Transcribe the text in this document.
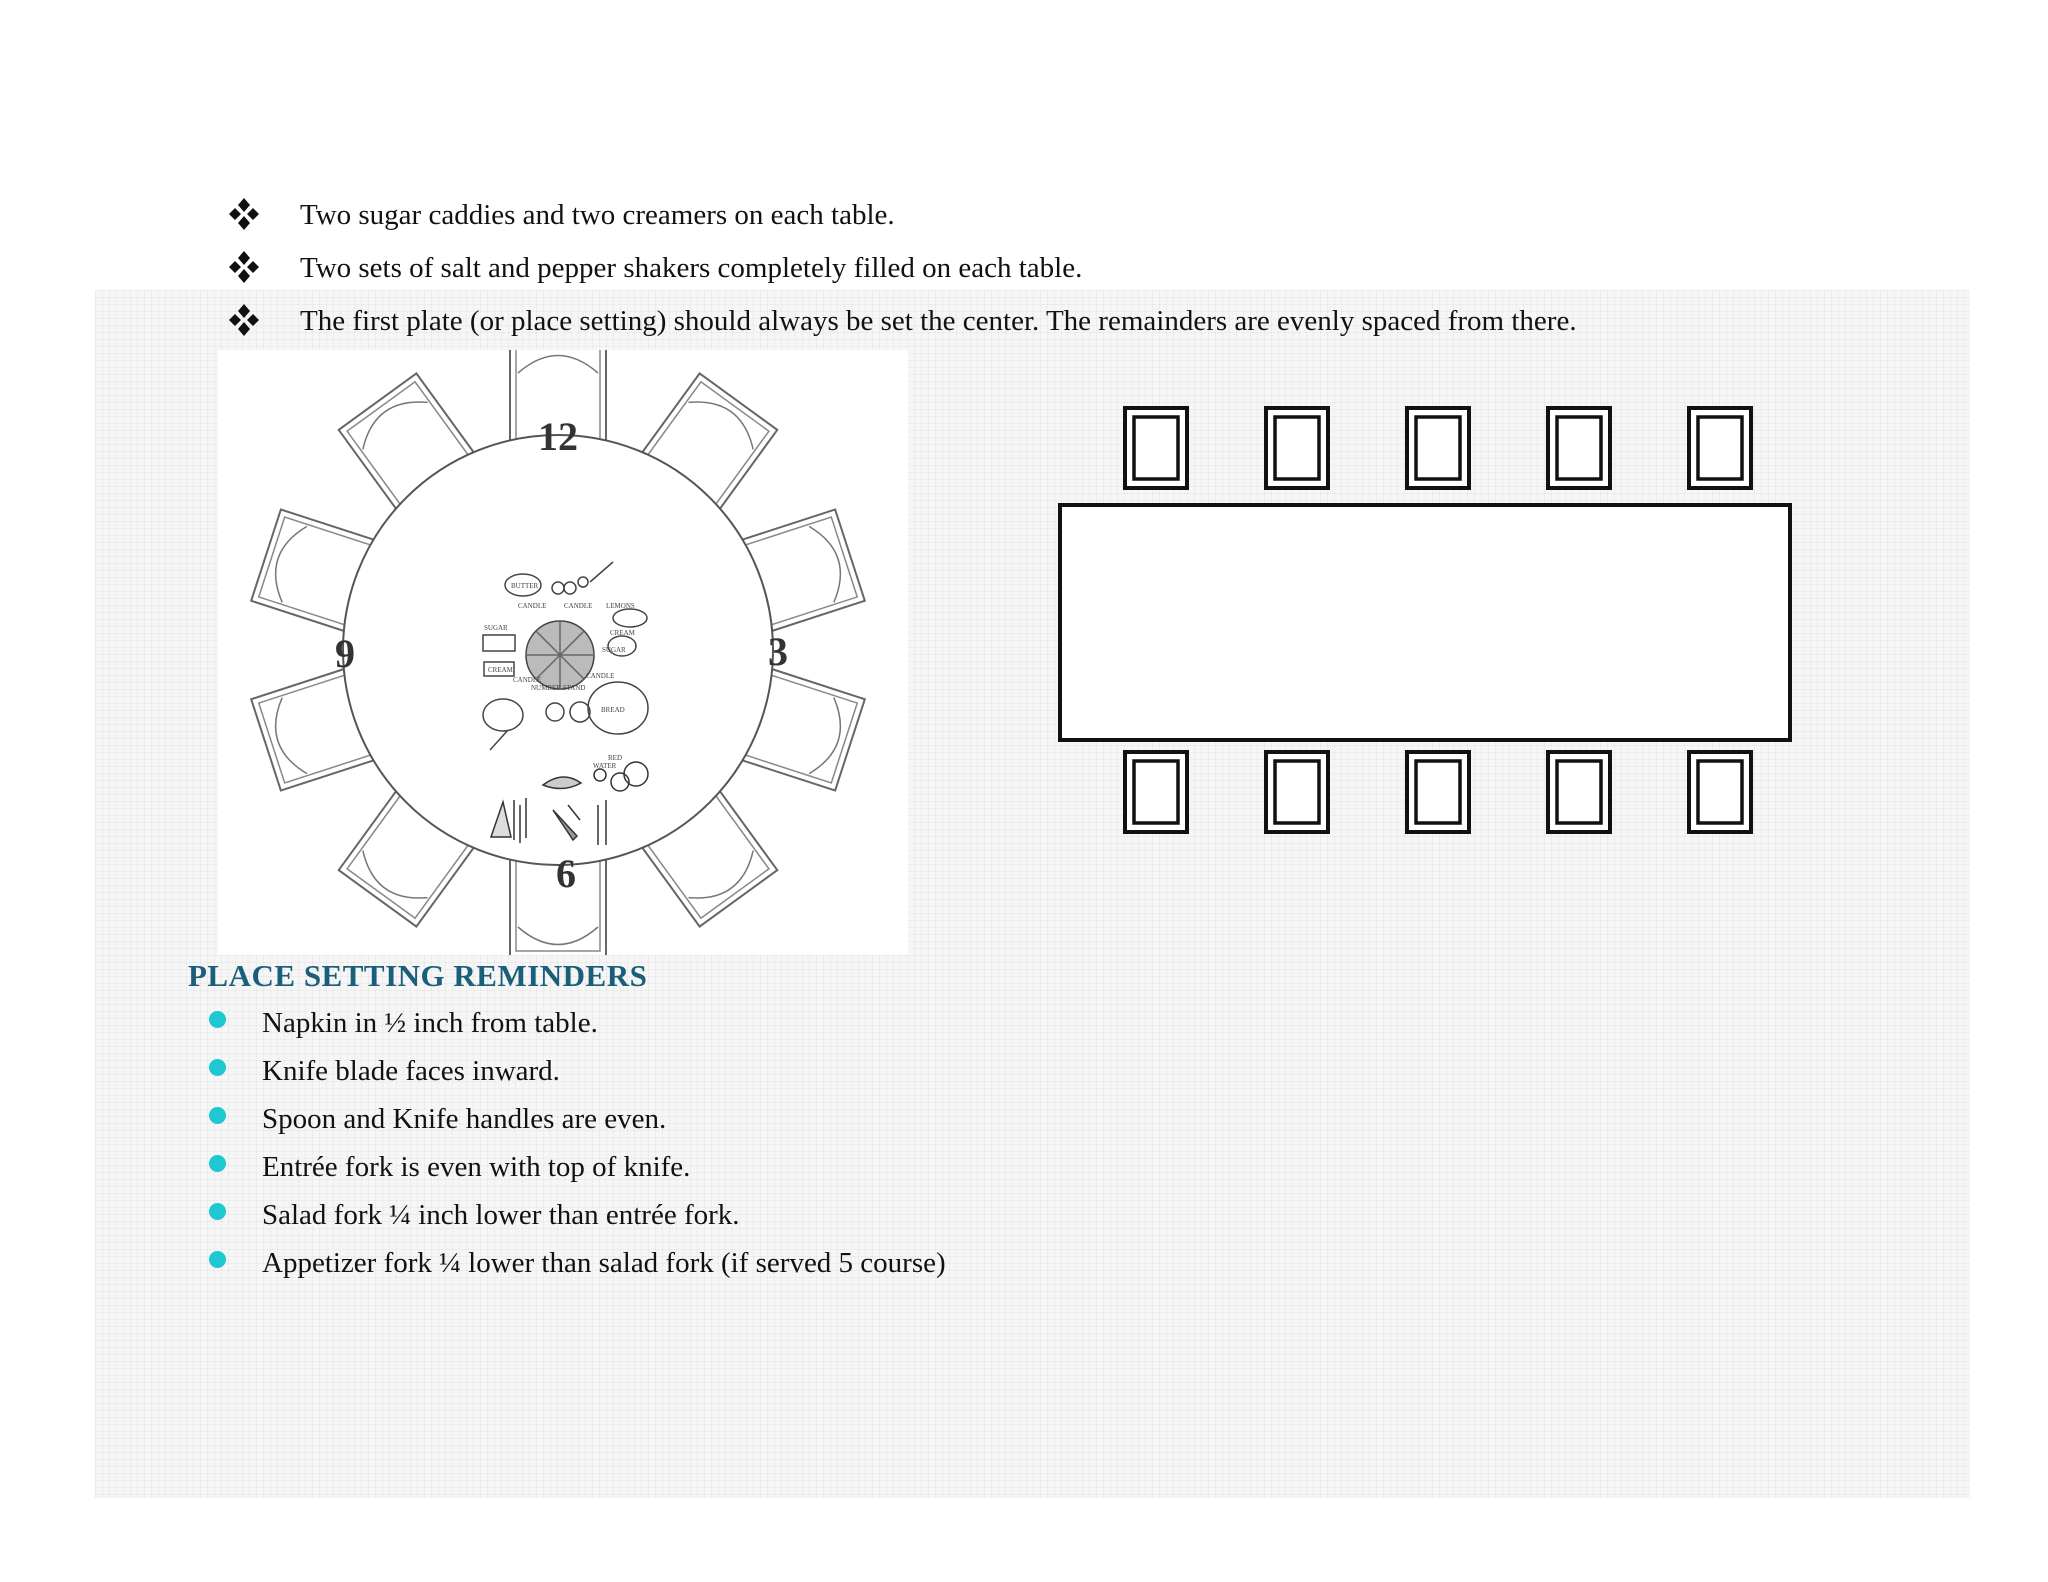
Two sugar caddies and two creamers on each table.
Two sets of salt and pepper shakers completely filled on each table.
The first plate (or place setting) should always be set the center. The remainders are evenly spaced from there.
12
3
6
9
BUTTER
CANDLE	CANDLE LEMONS
SUGAR
CREAM
CREAM
SUGAR
CANDLE
NUMBER STAND
CANDLE
BREAD
RED
WATER
PLACE SETTING REMINDERS
Napkin in ½ inch from table.
Knife blade faces inward.
Spoon and Knife handles are even.
Entrée fork is even with top of knife.
Salad fork ¼ inch lower than entrée fork.
Appetizer fork ¼ lower than salad fork (if served 5 course)
